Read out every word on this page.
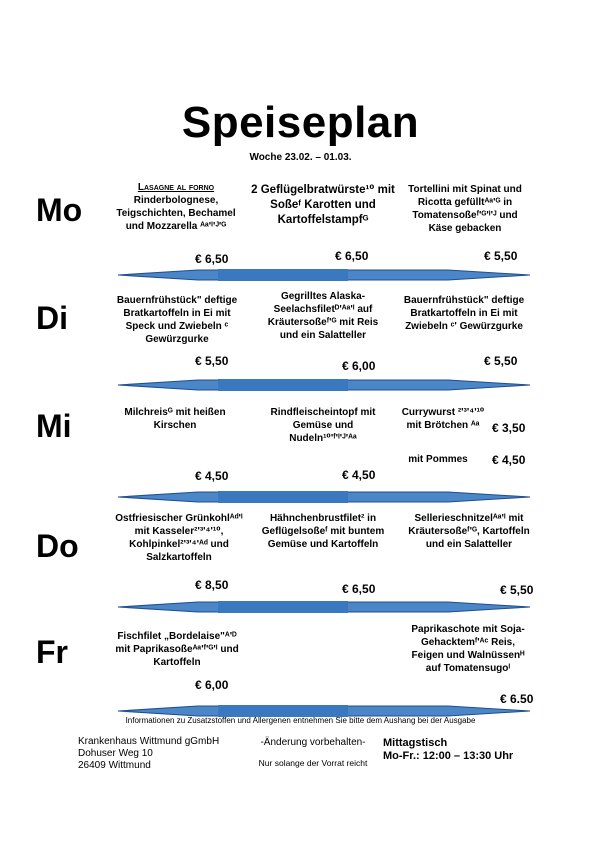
Speiseplan
Woche 23.02. – 01.03.
Mo
Lasagne al forno
Rinderbolognese, Teigschichten, Bechamel und Mozzarella ᴬᵃ'ᴵ'ᴶ'ᴳ
€ 6,50
2 Geflügelbratwürste¹⁰ mit Soßeᶠ Karotten und Kartoffelstampfᴳ
€ 6,50
Tortellini mit Spinat und Ricotta gefülltᴬᵃ'ᴳ in Tomatensoßeᶠ'ᴳ'ᴵ'ᴶ und Käse gebacken
€ 5,50
Di	Bauernfrühstück" deftige Bratkartoffeln in Ei mit Speck und Zwiebeln ᶜ Gewürzgurke
€ 5,50
Gegrilltes Alaska-Seelachsfiletᴰ'ᴬᵃ'ᴵ auf Kräutersoßeᶠ'ᴳ mit Reis und ein Salatteller
€ 6,00
Bauernfrühstück" deftige Bratkartoffeln in Ei mit Zwiebeln ᶜ' Gewürzgurke
€ 5,50
Mi	Milchreisᴳ mit heißen Kirschen
€ 4,50
Rindfleischeintopf mit Gemüse und Nudeln¹⁰'ᶠ'ᴵ'ᴶ'ᴬᵃ
€ 4,50
Currywurst ²'³'⁴'¹⁰ mit Brötchen ᴬᵃ	€ 3,50
mit Pommes	€ 4,50
Do
Ostfriesischer Grünkohlᴬᵈ'ᴵ mit Kasseler²'³'⁴'¹⁰, Kohlpinkel²'³'⁴'ᴬᵈ und Salzkartoffeln
€ 8,50
Hähnchenbrustfilet² in Geflügelsoßeᶠ mit buntem Gemüse und Kartoffeln
€ 6,50
Sellerieschnitzelᴬᵃ'ᴵ mit Kräutersoßeᶠ'ᴳ, Kartoffeln und ein Salatteller
€ 5,50
Fr	Fischfilet „Bordelaise"ᴬ'ᴰ mit Paprikasoßeᴬᵃ'ᶠ'ᴳ'ᴵ und Kartoffeln
€ 6,00
Paprikaschote mit Soja-Gehacktemᶠ'ᴬᶜ Reis, Feigen und Walnüssenᴴ auf Tomatensugoᴵ
€ 6.50
Informationen zu Zusatzstoffen und Allergenen entnehmen Sie bitte dem Aushang bei der Ausgabe
Krankenhaus Wittmund gGmbH
Dohuser Weg 10
26409 Wittmund
-Änderung vorbehalten-
Nur solange der Vorrat reicht
Mittagstisch
Mo-Fr.: 12:00 – 13:30 Uhr
